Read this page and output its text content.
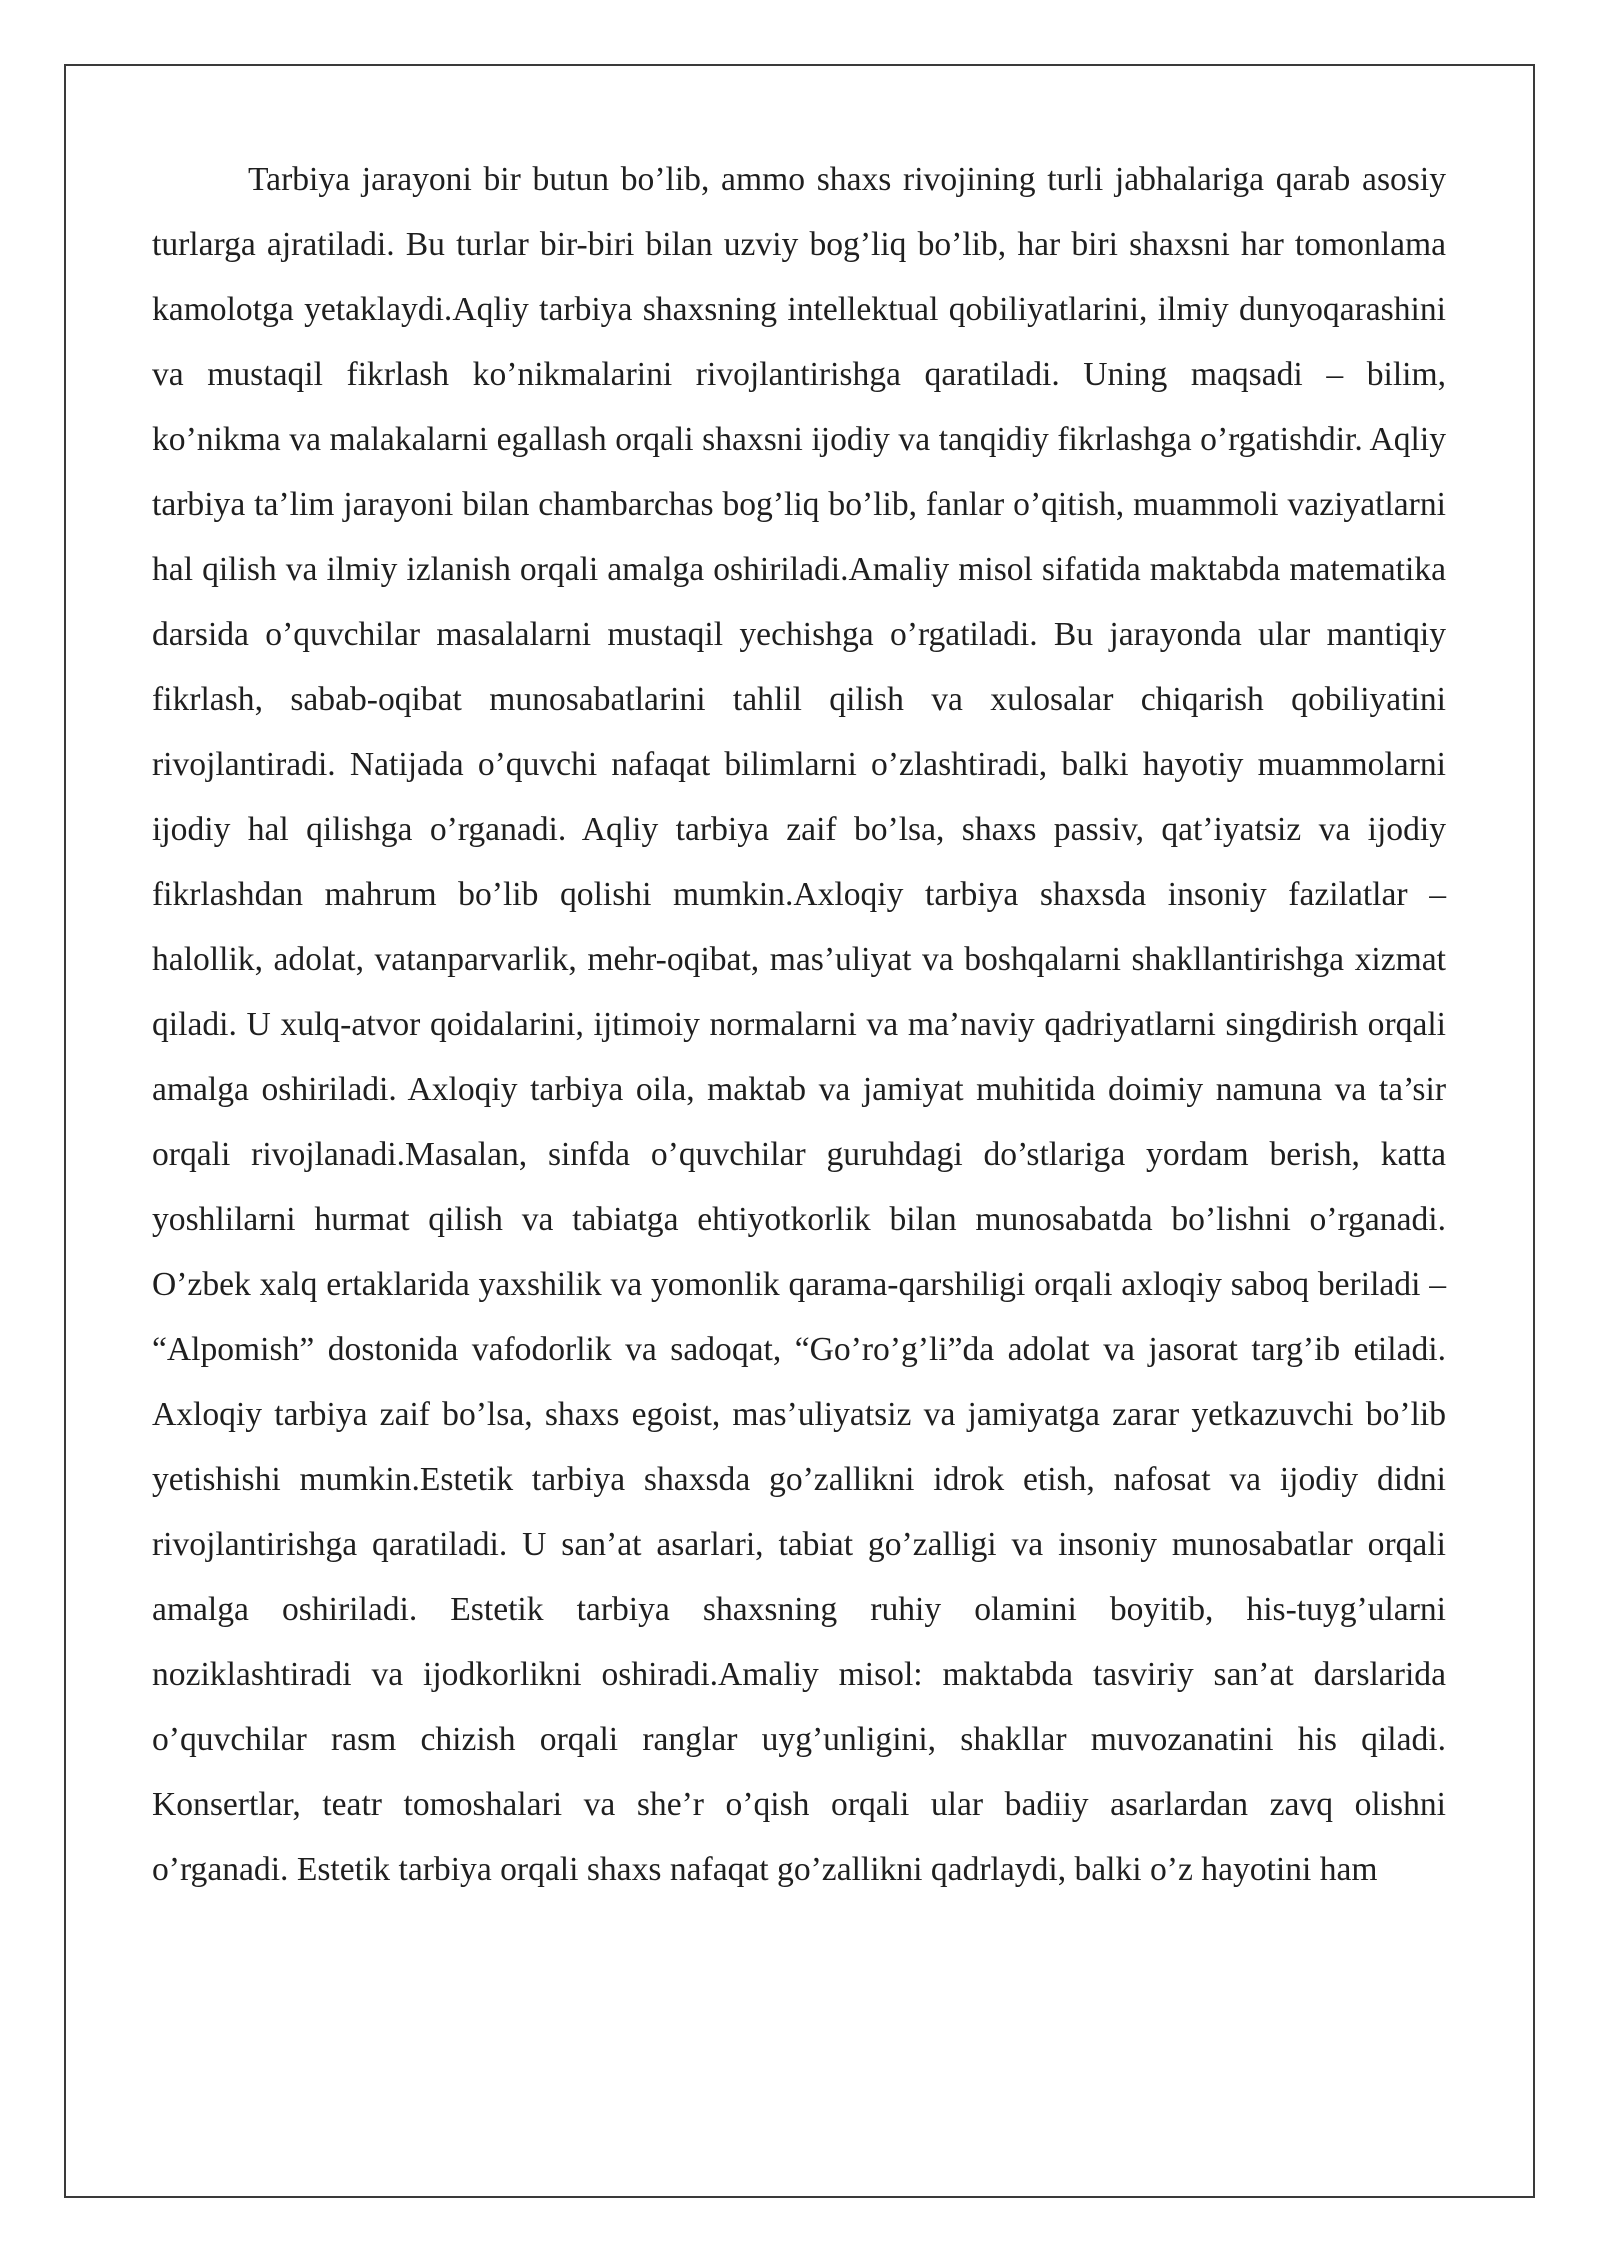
Tarbiya jarayoni bir butun bo’lib, ammo shaxs rivojining turli jabhalariga qarab asosiy turlarga ajratiladi. Bu turlar bir-biri bilan uzviy bog’liq bo’lib, har biri shaxsni har tomonlama kamolotga yetaklaydi.Aqliy tarbiya shaxsning intellektual qobiliyatlarini, ilmiy dunyoqarashini va mustaqil fikrlash ko’nikmalarini rivojlantirishga qaratiladi. Uning maqsadi – bilim, ko’nikma va malakalarni egallash orqali shaxsni ijodiy va tanqidiy fikrlashga o’rgatishdir. Aqliy tarbiya ta’lim jarayoni bilan chambarchas bog’liq bo’lib, fanlar o’qitish, muammoli vaziyatlarni hal qilish va ilmiy izlanish orqali amalga oshiriladi.Amaliy misol sifatida maktabda matematika darsida o’quvchilar masalalarni mustaqil yechishga o’rgatiladi. Bu jarayonda ular mantiqiy fikrlash, sabab-oqibat munosabatlarini tahlil qilish va xulosalar chiqarish qobiliyatini rivojlantiradi. Natijada o’quvchi nafaqat bilimlarni o’zlashtiradi, balki hayotiy muammolarni ijodiy hal qilishga o’rganadi. Aqliy tarbiya zaif bo’lsa, shaxs passiv, qat’iyatsiz va ijodiy fikrlashdan mahrum bo’lib qolishi mumkin.Axloqiy tarbiya shaxsda insoniy fazilatlar – halollik, adolat, vatanparvarlik, mehr-oqibat, mas’uliyat va boshqalarni shakllantirishga xizmat qiladi. U xulq-atvor qoidalarini, ijtimoiy normalarni va ma’naviy qadriyatlarni singdirish orqali amalga oshiriladi. Axloqiy tarbiya oila, maktab va jamiyat muhitida doimiy namuna va ta’sir orqali rivojlanadi.Masalan, sinfda o’quvchilar guruhdagi do’stlariga yordam berish, katta yoshlilarni hurmat qilish va tabiatga ehtiyotkorlik bilan munosabatda bo’lishni o’rganadi. O’zbek xalq ertaklarida yaxshilik va yomonlik qarama-qarshiligi orqali axloqiy saboq beriladi – “Alpomish” dostonida vafodorlik va sadoqat, “Go’ro’g’li”da adolat va jasorat targ’ib etiladi. Axloqiy tarbiya zaif bo’lsa, shaxs egoist, mas’uliyatsiz va jamiyatga zarar yetkazuvchi bo’lib yetishishi mumkin.Estetik tarbiya shaxsda go’zallikni idrok etish, nafosat va ijodiy didni rivojlantirishga qaratiladi. U san’at asarlari, tabiat go’zalligi va insoniy munosabatlar orqali amalga oshiriladi. Estetik tarbiya shaxsning ruhiy olamini boyitib, his-tuyg’ularni noziklashtiradi va ijodkorlikni oshiradi.Amaliy misol: maktabda tasviriy san’at darslarida o’quvchilar rasm chizish orqali ranglar uyg’unligini, shakllar muvozanatini his qiladi. Konsertlar, teatr tomoshalari va she’r o’qish orqali ular badiiy asarlardan zavq olishni o’rganadi. Estetik tarbiya orqali shaxs nafaqat go’zallikni qadrlaydi, balki o’z hayotini ham
